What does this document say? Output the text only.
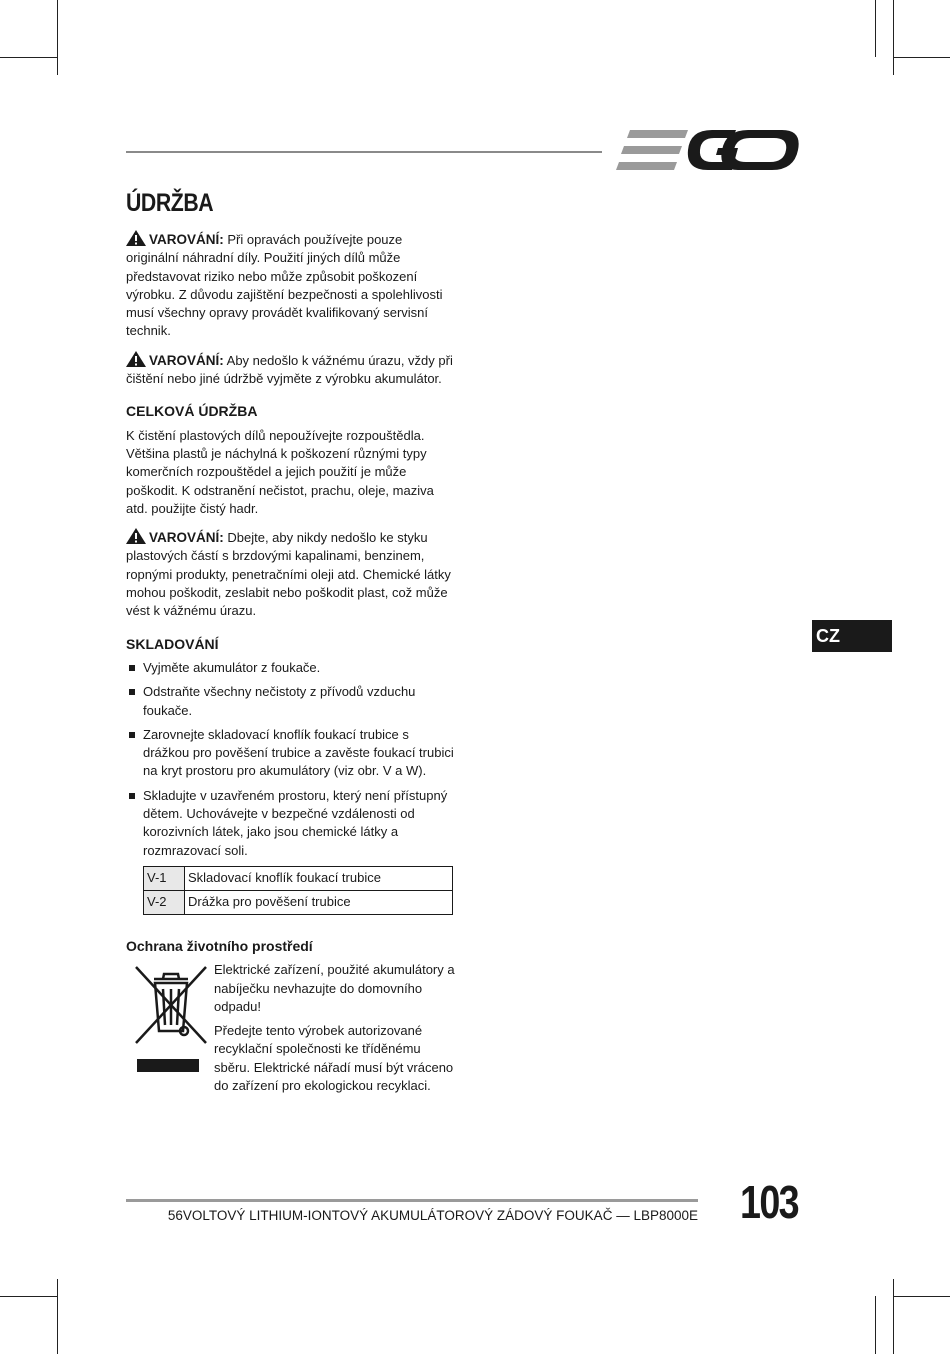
ÚDRŽBA
VAROVÁNÍ: Při opravách používejte pouze originální náhradní díly. Použití jiných dílů může představovat riziko nebo může způsobit poškození výrobku. Z důvodu zajištění bezpečnosti a spolehlivosti musí všechny opravy provádět kvalifikovaný servisní technik.
VAROVÁNÍ: Aby nedošlo k vážnému úrazu, vždy při čištění nebo jiné údržbě vyjměte z výrobku akumulátor.
CELKOVÁ ÚDRŽBA

K čistění plastových dílů nepoužívejte rozpouštědla. Většina plastů je náchylná k poškození různými typy komerčních rozpouštědel a jejich použití je může poškodit. K odstranění nečistot, prachu, oleje, maziva atd. použijte čistý hadr.

VAROVÁNÍ: Dbejte, aby nikdy nedošlo ke styku plastových částí s brzdovými kapalinami, benzinem, ropnými produkty, penetračními oleji atd. Chemické látky mohou poškodit, zeslabit nebo poškodit plast, což může vést k vážnému úrazu.
SKLADOVÁNÍ
Vyjměte akumulátor z foukače.
Odstraňte všechny nečistoty z přívodů vzduchu foukače.
Zarovnejte skladovací knoflík foukací trubice s drážkou pro pověšení trubice a zavěste foukací trubici na kryt prostoru pro akumulátory (viz obr. V a W).
Skladujte v uzavřeném prostoru, který není přístupný dětem. Uchovávejte v bezpečné vzdálenosti od korozivních látek, jako jsou chemické látky a rozmrazovací soli.
V-1	Skladovací knoflík foukací trubice
V-2	Drážka pro pověšení trubice
Ochrana životního prostředí

Elektrické zařízení, použité akumulátory a nabíječku nevhazujte do domovního odpadu!

Předejte tento výrobek autorizované recyklační společnosti ke tříděnému sběru. Elektrické nářadí musí být vráceno do zařízení pro ekologickou recyklaci.

CZ
56VOLTOVÝ LITHIUM-IONTOVÝ AKUMULÁTOROVÝ ZÁDOVÝ FOUKAČ — LBP8000E 103
